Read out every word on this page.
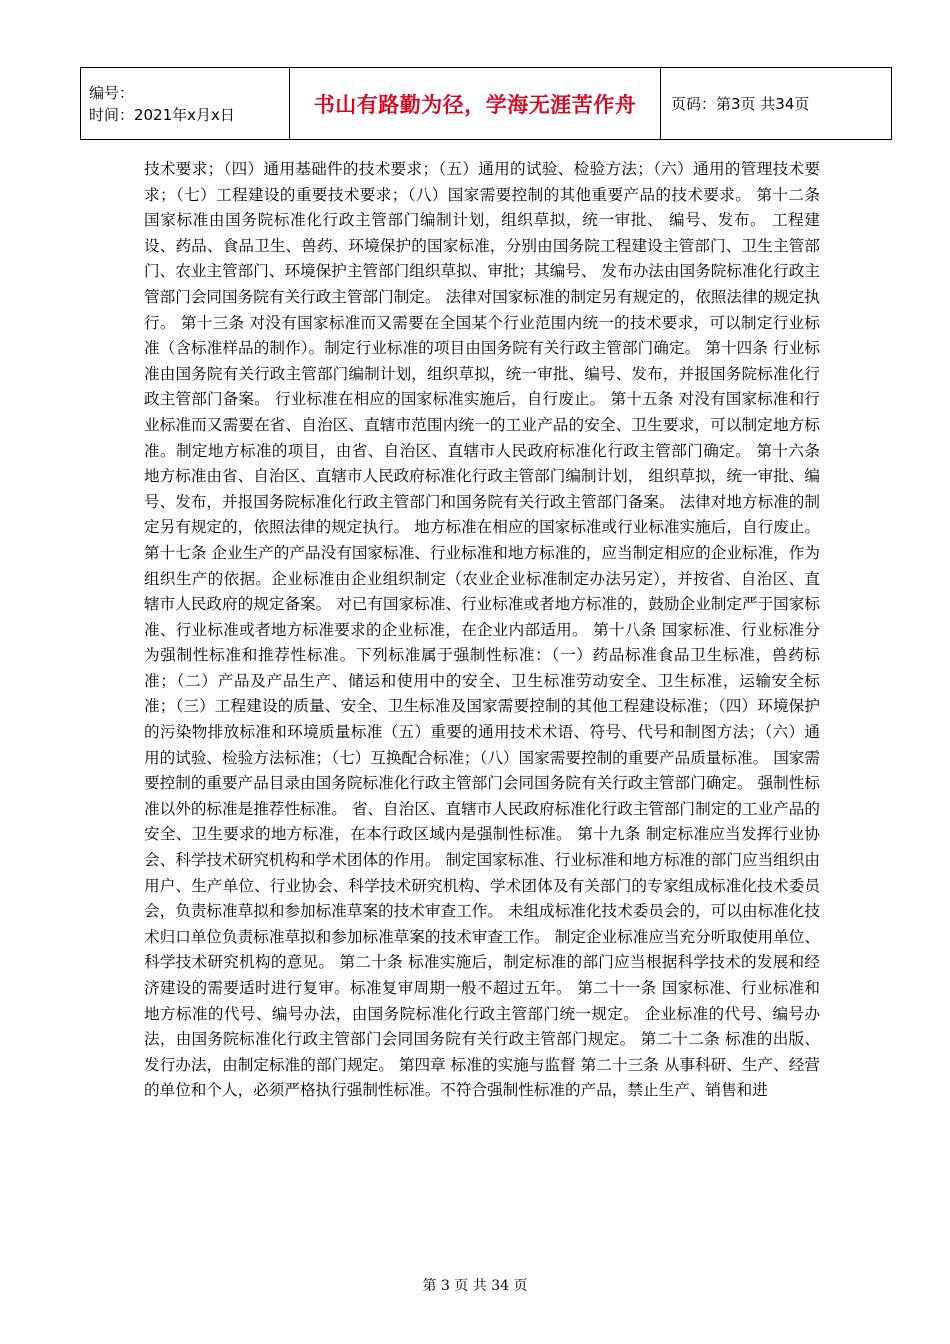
编号：
时间：2021年x月x日	书山有路勤为径，学海无涯苦作舟	页码：第3页 共34页

技术要求；（四）通用基础件的技术要求；（五）通用的试验、检验方法；（六）通用的管理技术要求；（七）工程建设的重要技术要求；（八）国家需要控制的其他重要产品的技术要求。 第十二条 国家标准由国务院标准化行政主管部门编制计划，组织草拟，统一审批、 编号、发布。 工程建设、药品、食品卫生、兽药、环境保护的国家标准，分别由国务院工程建设主管部门、卫生主管部门、农业主管部门、环境保护主管部门组织草拟、审批；其编号、 发布办法由国务院标准化行政主管部门会同国务院有关行政主管部门制定。 法律对国家标准的制定另有规定的，依照法律的规定执行。 第十三条 对没有国家标准而又需要在全国某个行业范围内统一的技术要求，可以制定行业标准（含标准样品的制作）。制定行业标准的项目由国务院有关行政主管部门确定。 第十四条 行业标准由国务院有关行政主管部门编制计划，组织草拟，统一审批、编号、发布，并报国务院标准化行政主管部门备案。 行业标准在相应的国家标准实施后，自行废止。 第十五条 对没有国家标准和行业标准而又需要在省、自治区、直辖市范围内统一的工业产品的安全、卫生要求，可以制定地方标准。制定地方标准的项目，由省、自治区、直辖市人民政府标准化行政主管部门确定。 第十六条 地方标准由省、自治区、直辖市人民政府标准化行政主管部门编制计划， 组织草拟，统一审批、编号、发布，并报国务院标准化行政主管部门和国务院有关行政主管部门备案。 法律对地方标准的制定另有规定的，依照法律的规定执行。 地方标准在相应的国家标准或行业标准实施后，自行废止。 第十七条 企业生产的产品没有国家标准、行业标准和地方标准的，应当制定相应的企业标准，作为组织生产的依据。企业标准由企业组织制定（农业企业标准制定办法另定），并按省、自治区、直辖市人民政府的规定备案。 对已有国家标准、行业标准或者地方标准的，鼓励企业制定严于国家标准、行业标准或者地方标准要求的企业标准，在企业内部适用。 第十八条 国家标准、行业标准分为强制性标准和推荐性标准。下列标准属于强制性标准：（一）药品标准食品卫生标准，兽药标准；（二）产品及产品生产、储运和使用中的安全、卫生标准劳动安全、卫生标准，运输安全标准；（三）工程建设的质量、安全、卫生标准及国家需要控制的其他工程建设标准；（四）环境保护的污染物排放标准和环境质量标准（五）重要的通用技术术语、符号、代号和制图方法；（六）通用的试验、检验方法标准；（七）互换配合标准；（八）国家需要控制的重要产品质量标准。 国家需要控制的重要产品目录由国务院标准化行政主管部门会同国务院有关行政主管部门确定。 强制性标准以外的标准是推荐性标准。 省、自治区、直辖市人民政府标准化行政主管部门制定的工业产品的安全、卫生要求的地方标准，在本行政区域内是强制性标准。 第十九条 制定标准应当发挥行业协会、科学技术研究机构和学术团体的作用。 制定国家标准、行业标准和地方标准的部门应当组织由用户、生产单位、行业协会、科学技术研究机构、学术团体及有关部门的专家组成标准化技术委员会，负责标准草拟和参加标准草案的技术审查工作。 未组成标准化技术委员会的，可以由标准化技术归口单位负责标准草拟和参加标准草案的技术审查工作。 制定企业标准应当充分听取使用单位、科学技术研究机构的意见。 第二十条 标准实施后，制定标准的部门应当根据科学技术的发展和经济建设的需要适时进行复审。标准复审周期一般不超过五年。 第二十一条 国家标准、行业标准和地方标准的代号、编号办法，由国务院标准化行政主管部门统一规定。 企业标准的代号、编号办法，由国务院标准化行政主管部门会同国务院有关行政主管部门规定。 第二十二条 标准的出版、发行办法，由制定标准的部门规定。 第四章 标准的实施与监督 第二十三条 从事科研、生产、经营的单位和个人，必须严格执行强制性标准。不符合强制性标准的产品，禁止生产、销售和进

第 3 页 共 34 页
